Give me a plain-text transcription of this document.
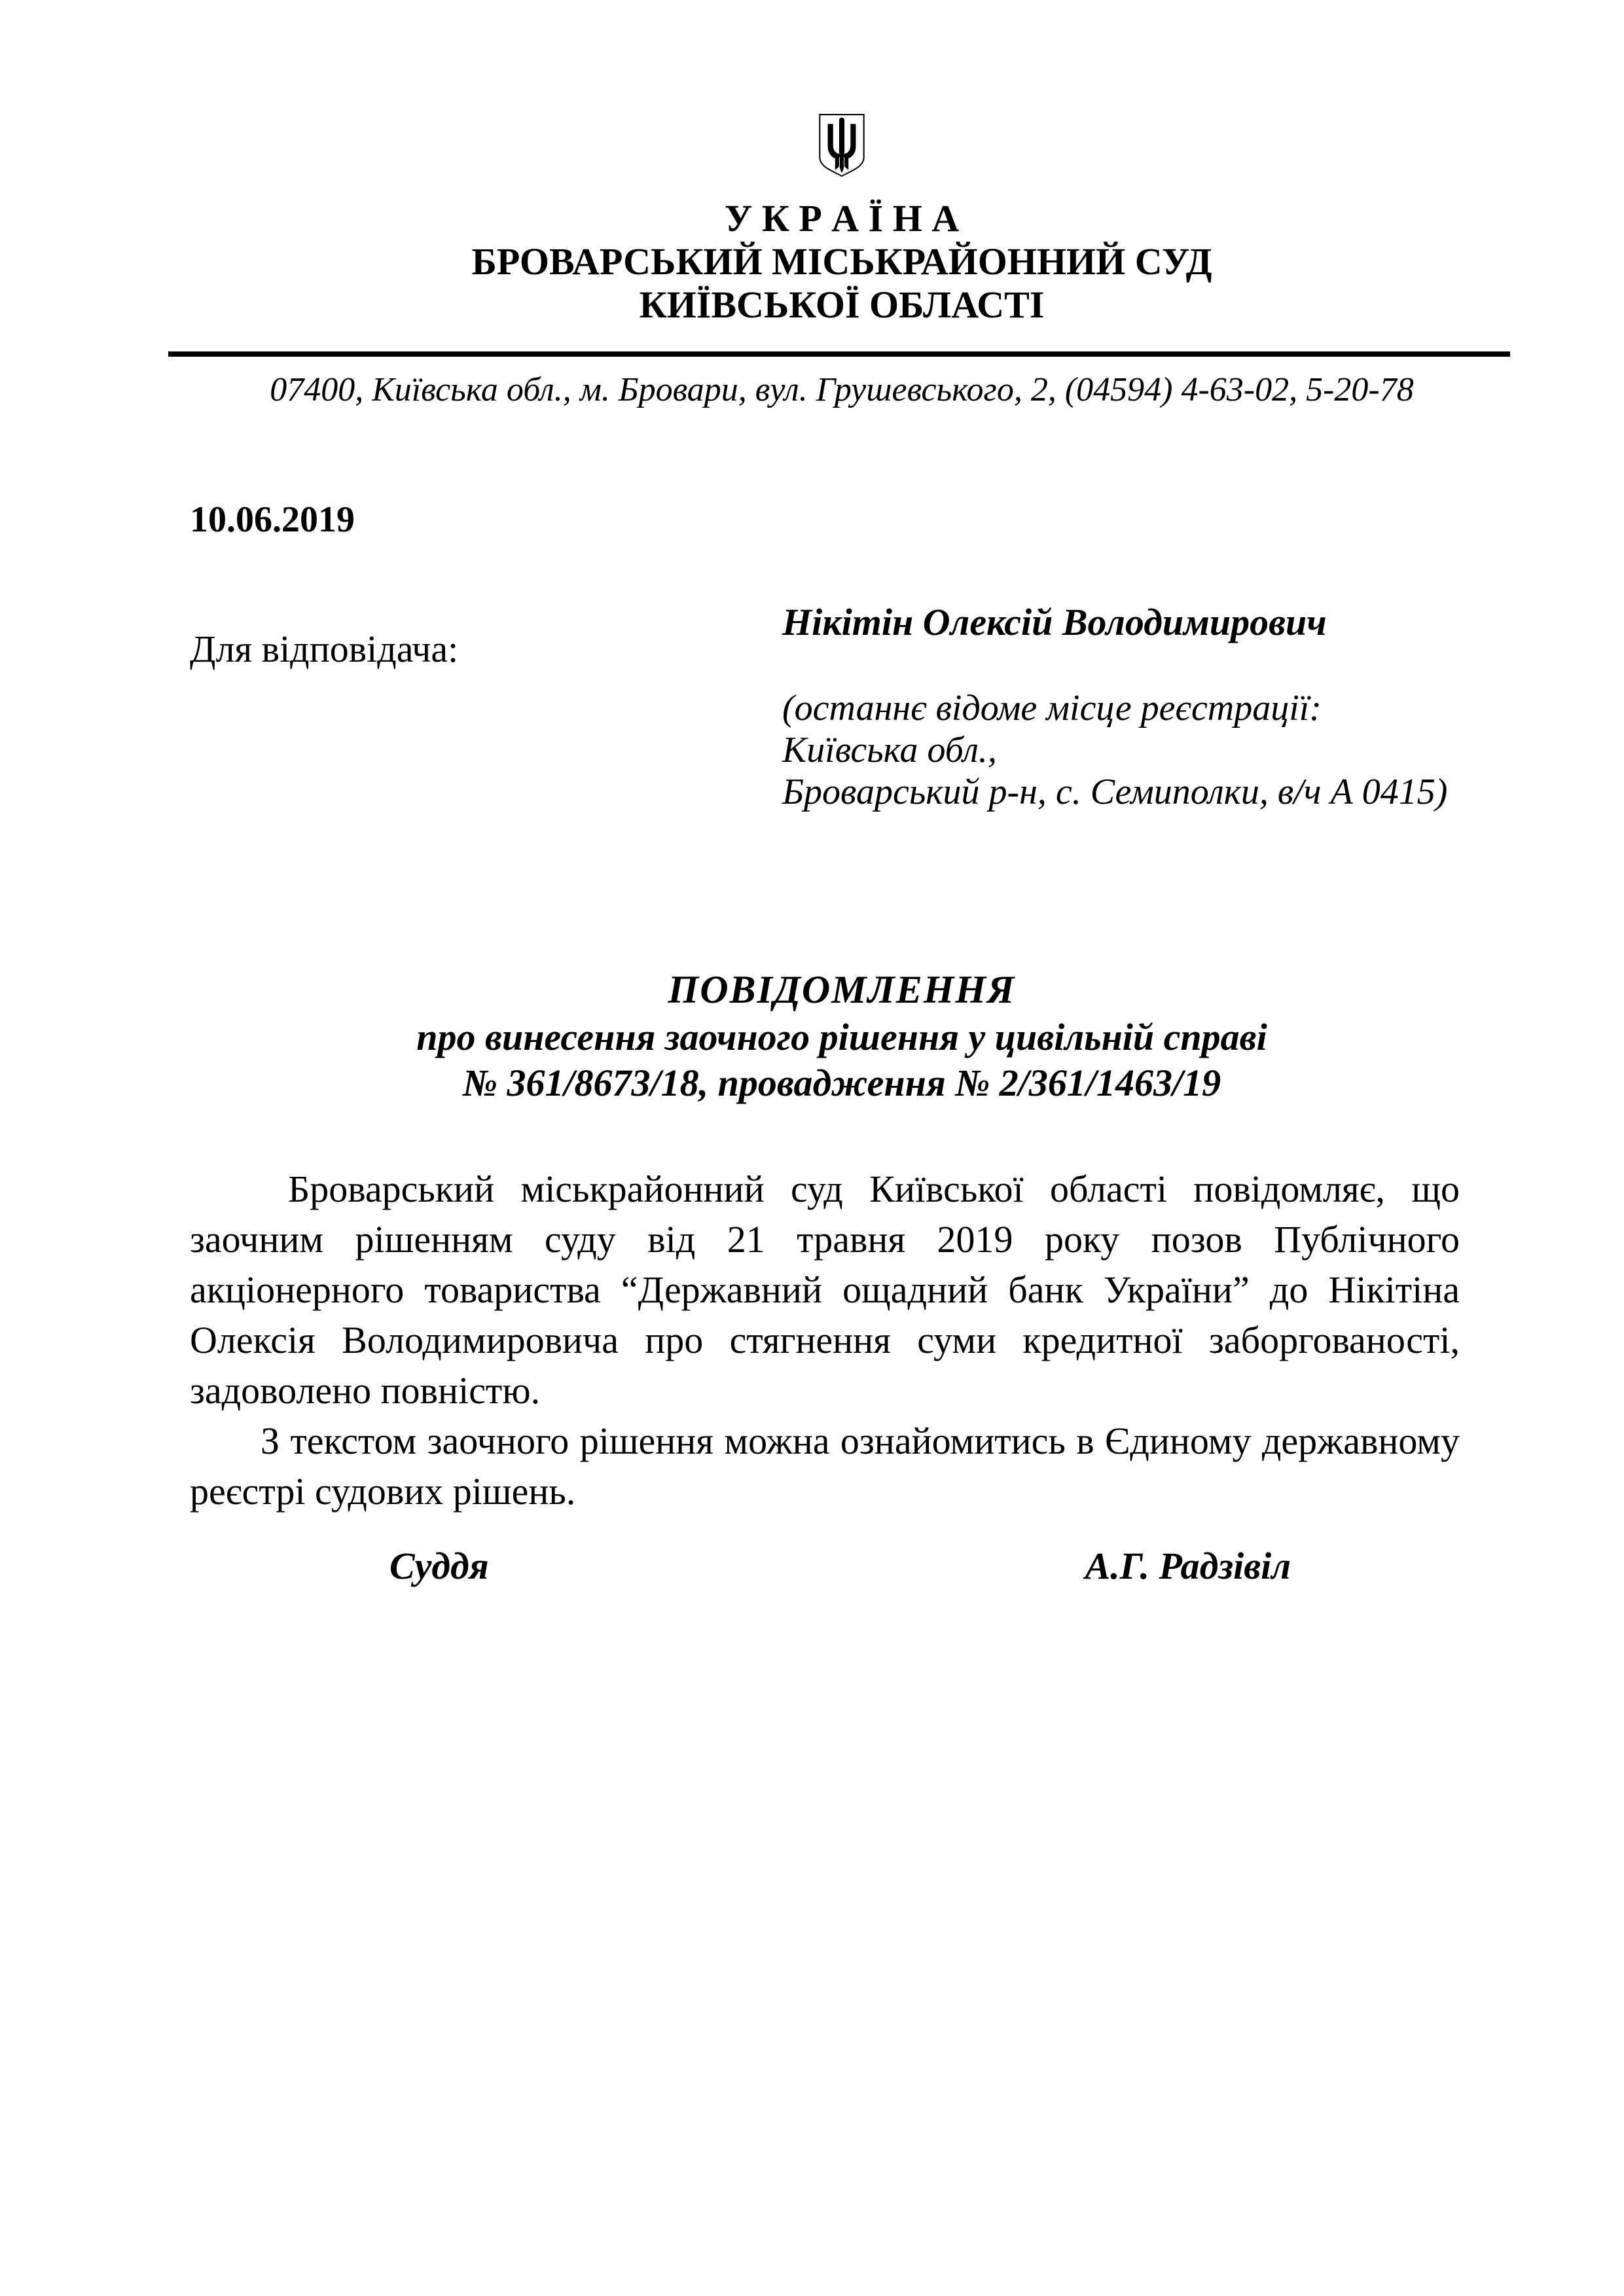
У К Р А Ї Н А
БРОВАРСЬКИЙ МІСЬКРАЙОННИЙ СУД
КИЇВСЬКОЇ ОБЛАСТІ
07400, Київська обл., м. Бровари, вул. Грушевського, 2, (04594) 4-63-02, 5-20-78
10.06.2019
Для відповідача:
Нікітін Олексій Володимирович
(останнє відоме місце реєстрації: Київська обл.,
Броварський р-н, с. Семиполки, в/ч А 0415)
ПОВІДОМЛЕННЯ
про винесення заочного рішення у цивільній справі
№ 361/8673/18, провадження № 2/361/1463/19

Броварський міськрайонний суд Київської області повідомляє, що заочним рішенням суду від 21 травня 2019 року позов Публічного акціонерного товариства “Державний ощадний банк України” до Нікітіна Олексія Володимировича про стягнення суми кредитної заборгованості, задоволено повністю.

З текстом заочного рішення можна ознайомитись в Єдиному державному реєстрі судових рішень.

Суддя	А.Г. Радзівіл
